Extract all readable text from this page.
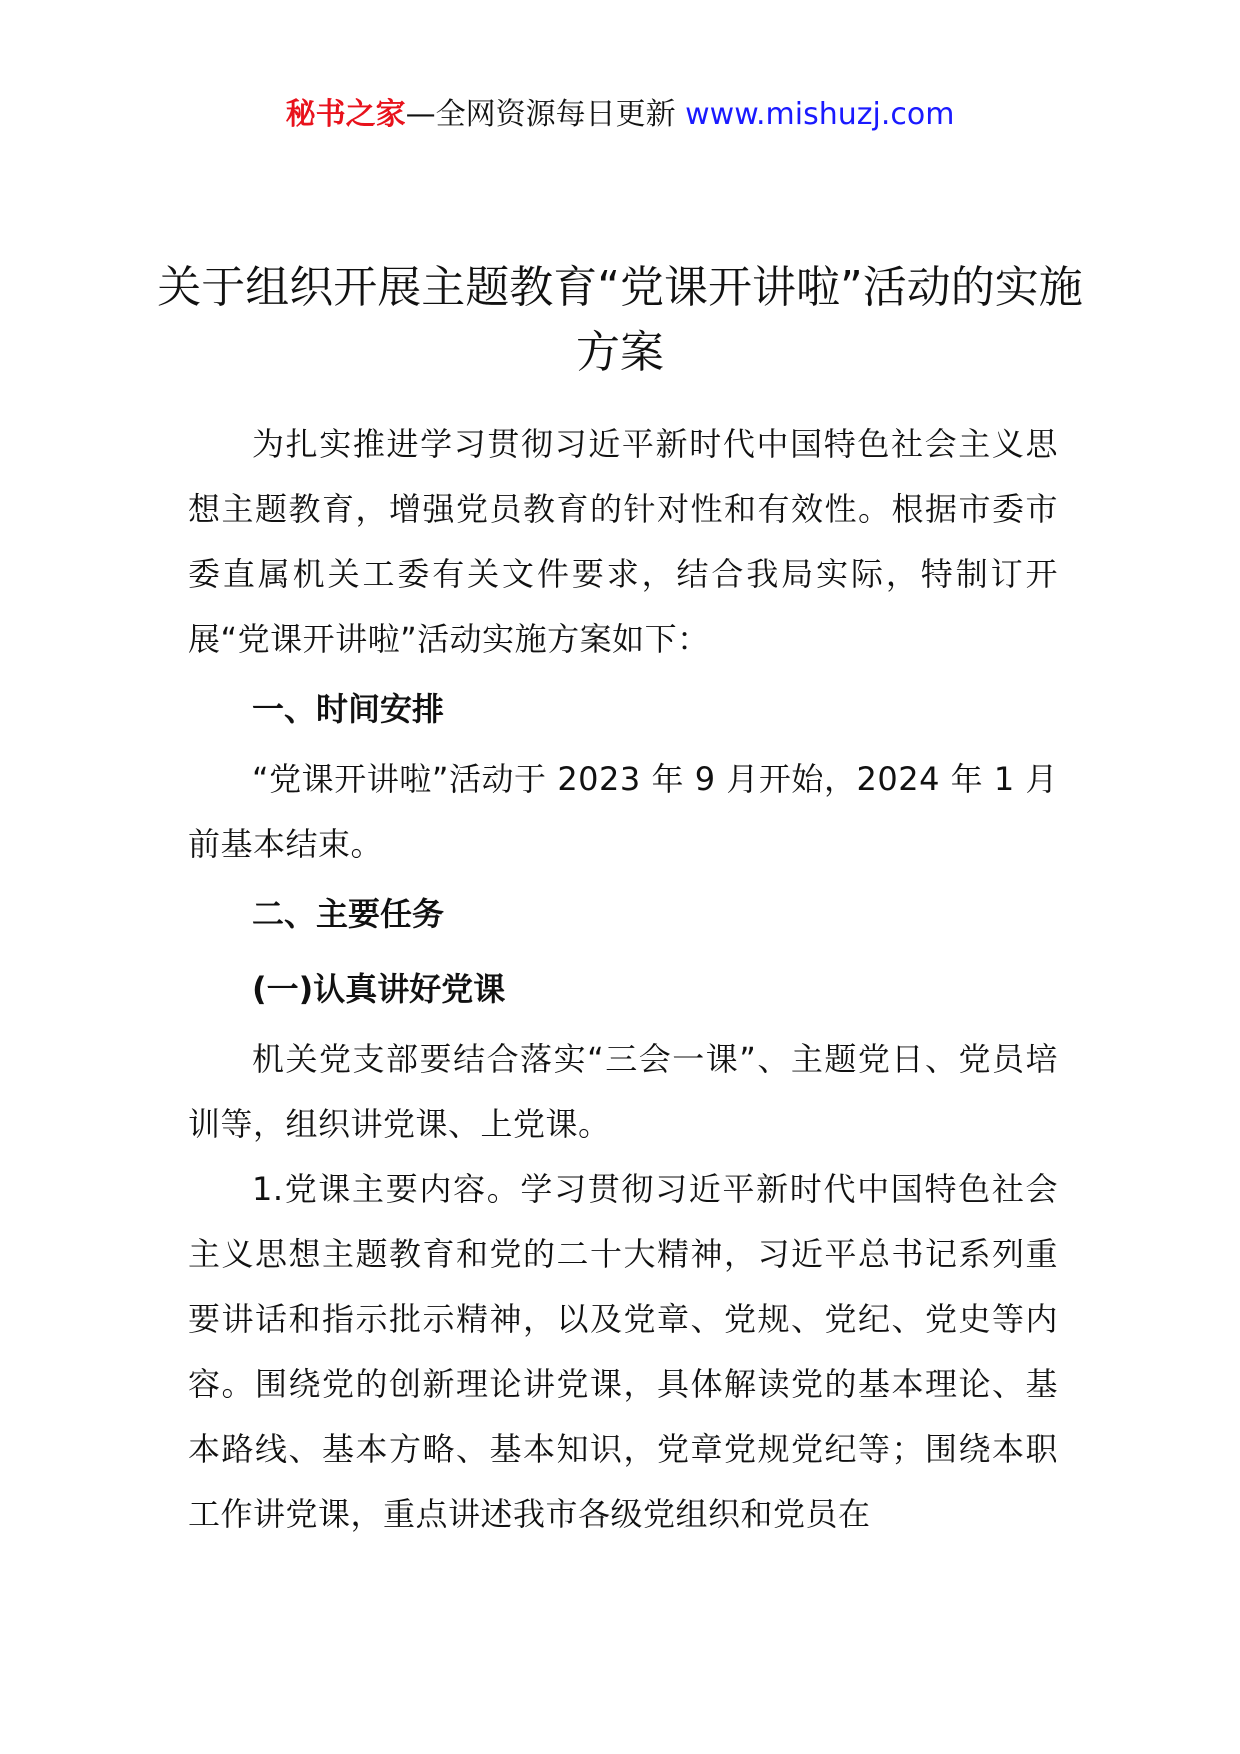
秘书之家—全网资源每日更新 www.mishuzj.com
关于组织开展主题教育“党课开讲啦”活动的实施方案

为扎实推进学习贯彻习近平新时代中国特色社会主义思想主题教育，增强党员教育的针对性和有效性。根据市委市委直属机关工委有关文件要求，结合我局实际，特制订开展“党课开讲啦”活动实施方案如下：

一、时间安排

“党课开讲啦”活动于 2023 年 9 月开始，2024 年 1 月前基本结束。

二、主要任务

(一)认真讲好党课

机关党支部要结合落实“三会一课”、主题党日、党员培训等，组织讲党课、上党课。

1.党课主要内容。学习贯彻习近平新时代中国特色社会主义思想主题教育和党的二十大精神，习近平总书记系列重要讲话和指示批示精神，以及党章、党规、党纪、党史等内容。围绕党的创新理论讲党课，具体解读党的基本理论、基本路线、基本方略、基本知识，党章党规党纪等；围绕本职工作讲党课，重点讲述我市各级党组织和党员在
